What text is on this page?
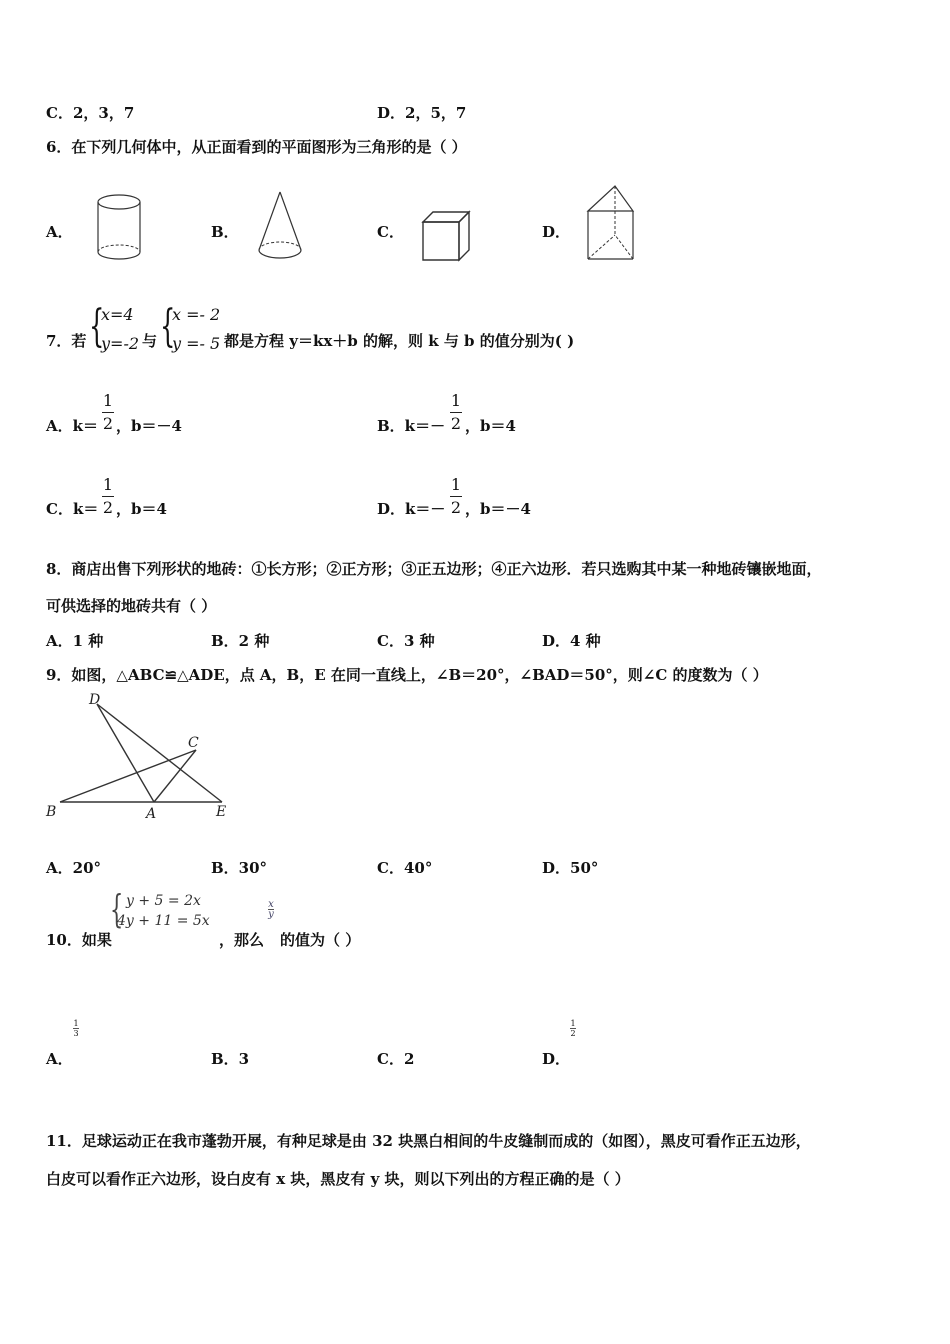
C．2，3，7	D．2，5，7
6．在下列几何体中，从正面看到的平面图形为三角形的是（ ）
A．	B．	C．	D．
7．若 {
x=4
y=-2 与 {
x =- 2
y =- 5 都是方程 y＝kx＋b 的解，则 k 与 b 的值分别为( )
A．k＝
1
2 ，b＝－4	B．k＝－
1
2 ，b＝4
C．k＝
1
2 ，b＝4	D．k＝－
1
2 ，b＝－4
8．商店出售下列形状的地砖：①长方形；②正方形；③正五边形；④正六边形．若只选购其中某一种地砖镶嵌地面，
可供选择的地砖共有（ ）
A．1 种	B．2 种	C．3 种	D．4 种
9．如图，△ABC≌△ADE，点 A，B，E 在同一直线上，∠B＝20°，∠BAD＝50°，则∠C 的度数为（ ）
D
C
B	A	E
A．20°	B．30°	C．40°	D．50°
10．如果
{ y + 5 = 2x
4y + 11 = 5x
，那么
x
y
的值为（ ）
A．
1
3
B．3	C．2	D．
1
2
11．足球运动正在我市蓬勃开展，有种足球是由 32 块黑白相间的牛皮缝制而成的（如图），黑皮可看作正五边形，
白皮可以看作正六边形，设白皮有 x 块，黑皮有 y 块，则以下列出的方程正确的是（ ）
